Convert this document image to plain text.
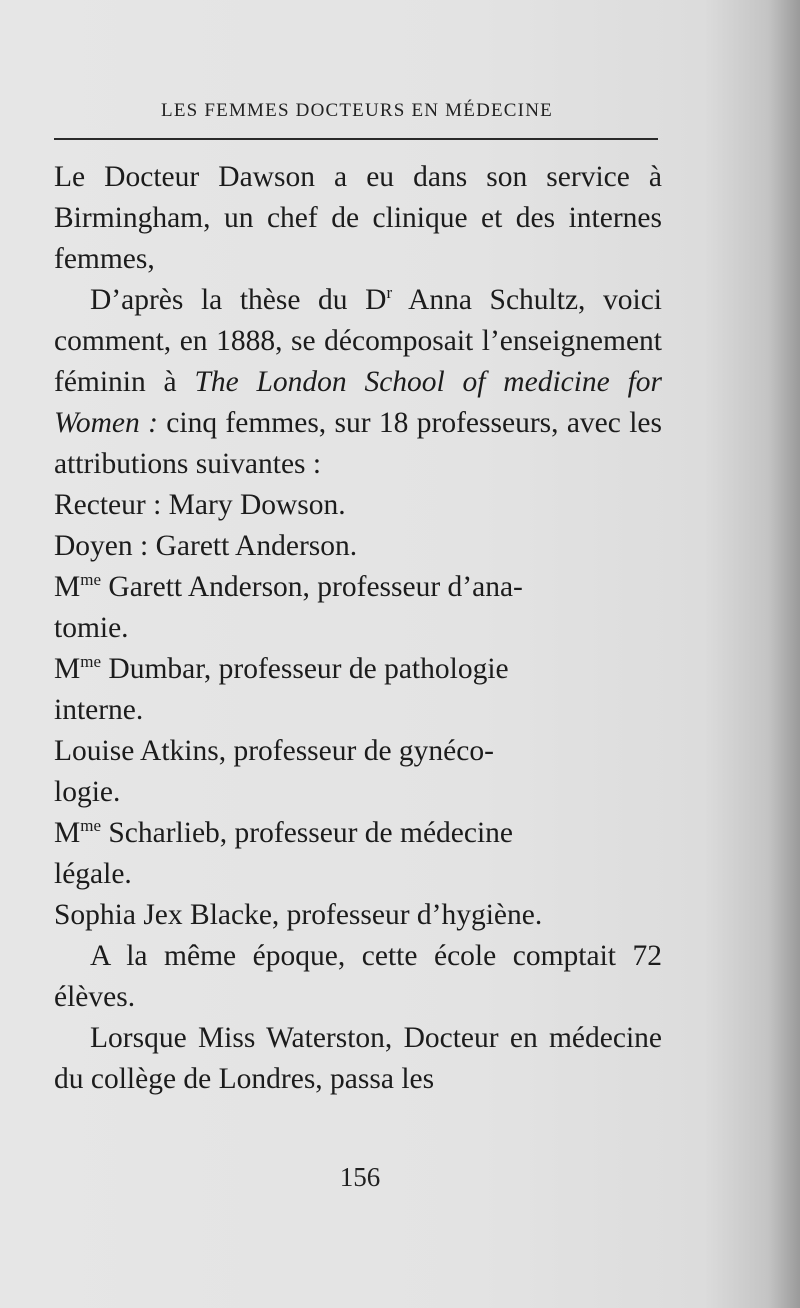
LES FEMMES DOCTEURS EN MÉDECINE

Le Docteur Dawson a eu dans son service à Birmingham, un chef de clinique et des internes femmes,

D’après la thèse du $D^r$ Anna Schultz, voici comment, en 1888, se décomposait l’enseignement féminin à The London School of medicine for Women : cinq femmes, sur 18 professeurs, avec les attributions suivantes :

Recteur : Mary Dowson.

Doyen : Garett Anderson.

$M^{me}$ Garett Anderson, professeur d’ana-

tomie.

$M^{me}$ Dumbar, professeur de pathologie

interne.

Louise Atkins, professeur de gynéco-

logie.

$M^{me}$ Scharlieb, professeur de médecine

légale.

Sophia Jex Blacke, professeur d’hygiène.

A la même époque, cette école comptait 72 élèves.

Lorsque Miss Waterston, Docteur en médecine du collège de Londres, passa les

156
